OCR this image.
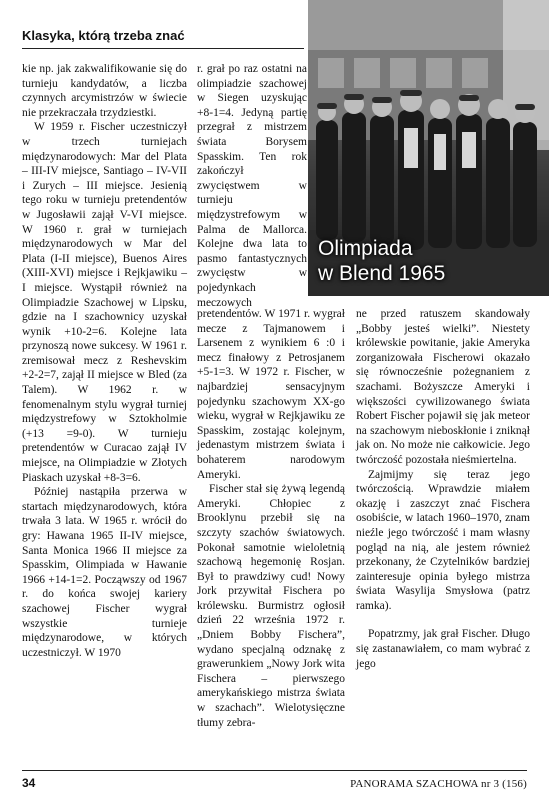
Klasyka, którą trzeba znać
Olimpiada
w Blend 1965

kie np. jak zakwalifikowanie się do turnieju kandydatów, a liczba czynnych arcymistrzów w świecie nie przekraczała trzydziestki.

W 1959 r. Fischer uczestniczył w trzech turniejach międzynarodowych: Mar del Plata – III-IV miejsce, Santiago – IV-VII i Zurych – III miejsce. Jesienią tego roku w turnieju pretendentów w Jugosławii zajął V-VI miejsce. W 1960 r. grał w turniejach międzynarodowych w Mar del Plata (I-II miejsce), Buenos Aires (XIII-XVI) miejsce i Rejkjawiku – I miejsce. Wystąpił również na Olimpiadzie Szachowej w Lipsku, gdzie na I szachownicy uzyskał wynik +10-2=6. Kolejne lata przynoszą nowe sukcesy. W 1961 r. zremisował mecz z Reshevskim +2-2=7, zajął II miejsce w Bled (za Talem). W 1962 r. w fenomenalnym stylu wygrał turniej międzystrefowy w Sztokholmie (+13 =9-0). W turnieju pretendentów w Curacao zajął IV miejsce, na Olimpiadzie w Złotych Piaskach uzyskał +8-3=6.

Później nastąpiła przerwa w startach międzynarodowych, która trwała 3 lata. W 1965 r. wrócił do gry: Hawana 1965 II-IV miejsce, Santa Monica 1966 II miejsce za Spasskim, Olimpiada w Hawanie 1966 +14-1=2. Począwszy od 1967 r. do końca swojej kariery szachowej Fischer wygrał wszystkie turnieje międzynarodowe, w których uczestniczył. W 1970

r. grał po raz ostatni na olimpiadzie szachowej w Siegen uzyskując +8-1=4. Jedyną partię przegrał z mistrzem świata Borysem Spasskim. Ten rok zakończył zwycięstwem w turnieju międzystrefowym w Palma de Mallorca. Kolejne dwa lata to pasmo fantastycznych zwycięstw w pojedynkach meczowych

pretendentów. W 1971 r. wygrał mecze z Tajmanowem i Larsenem z wynikiem 6 :0 i mecz finałowy z Petrosjanem +5-1=3. W 1972 r. Fischer, w najbardziej sensacyjnym pojedynku szachowym XX-go wieku, wygrał w Rejkjawiku ze Spasskim, zostając kolejnym, jedenastym mistrzem świata i bohaterem narodowym Ameryki.

Fischer stał się żywą legendą Ameryki. Chłopiec z Brooklynu przebił się na szczyty szachów światowych. Pokonał samotnie wieloletnią szachową hegemonię Rosjan. Był to prawdziwy cud! Nowy Jork przywitał Fischera po królewsku. Burmistrz ogłosił dzień 22 września 1972 r. „Dniem Bobby Fischera”, wydano specjalną odznakę z grawerunkiem „Nowy Jork wita Fischera – pierwszego amerykańskiego mistrza świata w szachach”. Wielotysięczne tłumy zebra-

ne przed ratuszem skandowały „Bobby jesteś wielki”. Niestety królewskie powitanie, jakie Ameryka zorganizowała Fischerowi okazało się równocześnie pożegnaniem z szachami. Bożyszcze Ameryki i większości cywilizowanego świata Robert Fischer pojawił się jak meteor na szachowym nieboskłonie i zniknął jak on. No może nie całkowicie. Jego twórczość pozostała nieśmiertelna.

Zajmijmy się teraz jego twórczością. Wprawdzie miałem okazję i zaszczyt znać Fischera osobiście, w latach 1960–1970, znam nieźle jego twórczość i mam własny pogląd na nią, ale jestem również przekonany, że Czytelników bardziej zainteresuje opinia byłego mistrza świata Wasylija Smysłowa (patrz ramka).

Popatrzmy, jak grał Fischer. Długo się zastanawiałem, co mam wybrać z jego

34	PANORAMA SZACHOWA nr 3 (156)
